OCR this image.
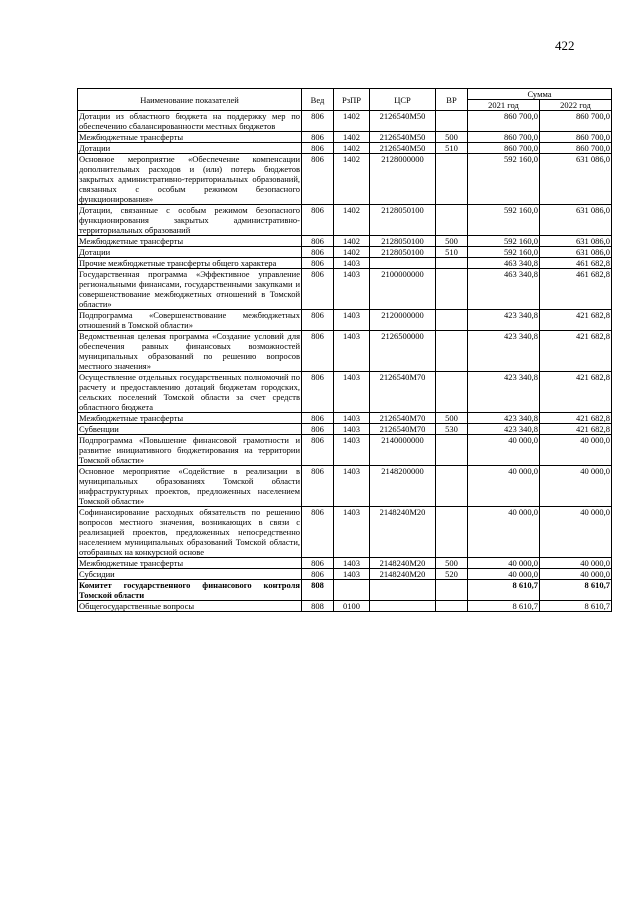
422
Наименование показателей	Вед	РзПР	ЦСР	ВР	Сумма	
					2021 год	2022 год
Дотации из областного бюджета на поддержку мер по обеспечению сбалансированности местных бюджетов	806	1402	2126540М50		860 700,0	860 700,0
Межбюджетные трансферты	806	1402	2126540М50	500	860 700,0	860 700,0
Дотации	806	1402	2126540М50	510	860 700,0	860 700,0
Основное мероприятие «Обеспечение компенсации дополнительных расходов и (или) потерь бюджетов закрытых административно-территориальных образований, связанных с особым режимом безопасного функционирования»	806	1402	2128000000		592 160,0	631 086,0
Дотации, связанные с особым режимом безопасного функционирования закрытых административно-территориальных образований	806	1402	2128050100		592 160,0	631 086,0
Межбюджетные трансферты	806	1402	2128050100	500	592 160,0	631 086,0
Дотации	806	1402	2128050100	510	592 160,0	631 086,0
Прочие межбюджетные трансферты общего характера	806	1403			463 340,8	461 682,8
Государственная программа «Эффективное управление региональными финансами, государственными закупками и совершенствование межбюджетных отношений в Томской области»	806	1403	2100000000		463 340,8	461 682,8
Подпрограмма «Совершенствование межбюджетных отношений в Томской области»	806	1403	2120000000		423 340,8	421 682,8
Ведомственная целевая программа «Создание условий для обеспечения равных финансовых возможностей муниципальных образований по решению вопросов местного значения»	806	1403	2126500000		423 340,8	421 682,8
Осуществление отдельных государственных полномочий по расчету и предоставлению дотаций бюджетам городских, сельских поселений Томской области за счет средств областного бюджета	806	1403	2126540М70		423 340,8	421 682,8
Межбюджетные трансферты	806	1403	2126540М70	500	423 340,8	421 682,8
Субвенции	806	1403	2126540М70	530	423 340,8	421 682,8
Подпрограмма «Повышение финансовой грамотности и развитие инициативного бюджетирования на территории Томской области»	806	1403	2140000000		40 000,0	40 000,0
Основное мероприятие «Содействие в реализации в муниципальных образованиях Томской области инфраструктурных проектов, предложенных населением Томской области»	806	1403	2148200000		40 000,0	40 000,0
Софинансирование расходных обязательств по решению вопросов местного значения, возникающих в связи с реализацией проектов, предложенных непосредственно населением муниципальных образований Томской области, отобранных на конкурсной основе	806	1403	2148240М20		40 000,0	40 000,0
Межбюджетные трансферты	806	1403	2148240М20	500	40 000,0	40 000,0
Субсидии	806	1403	2148240М20	520	40 000,0	40 000,0
Комитет государственного финансового контроля Томской области	808				8 610,7	8 610,7
Общегосударственные вопросы	808	0100			8 610,7	8 610,7
